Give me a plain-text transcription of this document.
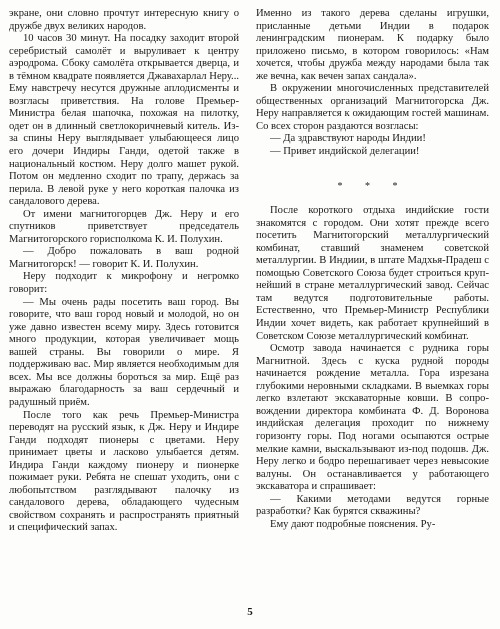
экране, они словно прочтут интересную книгу о дружбе двух великих народов.

10 часов 30 минут. На посадку заходит второй серебристый самолёт и выруливает к центру аэродрома. Сбоку самолёта открывается дверца, и в тёмном квадрате появляется Джавахарлал Неру... Ему навстречу несутся дружные аплодисменты и возгласы приветствия. На голове Премьер-Министра белая шапочка, похожая на пилотку, одет он в длинный светлокоричневый китель. Из-за спины Неру выглядывает улыбающееся лицо его дочери Индиры Ганди, одетой также в национальный костюм. Неру долго машет рукой. Потом он медленно сходит по трапу, держась за перила. В левой руке у него короткая палочка из сандалового дерева.

От имени магнитогорцев Дж. Неру и его спутников приветствует председатель Магнитогорского горисполкома К. И. Полухин.

— Добро пожаловать в ваш родной Магнитогорск! — говорит К. И. Полухин.

Неру подходит к микрофону и негромко говорит:

— Мы очень рады посетить ваш город. Вы говорите, что ваш город новый и молодой, но он уже давно известен всему миру. Здесь готовится много продукции, которая увеличивает мощь вашей страны. Вы говорили о мире. Я поддерживаю вас. Мир является необходимым для всех. Мы все должны бороться за мир. Ещё раз выражаю благодарность за ваш сердечный и радушный приём.

После того как речь Премьер-Министра переводят на русский язык, к Дж. Неру и Индире Ганди подходят пионеры с цветами. Неру принимает цветы и ласково улыбается детям. Индира Ганди каждому пионеру и пионерке пожимает руки. Ребята не спешат уходить, они с любопытством разглядывают палочку из сандалового дерева, обладающего чудесным свойством сохранять и распространять приятный и специфический запах.

Именно из такого дерева сделаны игрушки, присланные детьми Индии в подарок ленинградским пионерам. К подарку было приложено письмо, в котором говорилось: «Нам хочется, чтобы дружба между народами была так же вечна, как вечен запах сандала».

В окружении многочисленных представителей общественных организаций Магнитогорска Дж. Неру направляется к ожидающим гостей машинам. Со всех сторон раздаются возгласы:

— Да здравствуют народы Индии!

— Привет индийской делегации!

* * *

После короткого отдыха индийские гости знакомятся с городом. Они хотят прежде всего посетить Магнитогорский металлургический комбинат, ставший знаменем советской металлургии. В Индиии, в штате Мадхья-Прадеш с помощью Советского Союза будет строиться крупнейший в стране металлургический завод. Сейчас там ведутся подготовительные работы. Естественно, что Премьер-Министр Республики Индии хочет видеть, как работает крупнейший в Советском Союзе металлургический комбинат.

Осмотр завода начинается с рудника горы Магнитной. Здесь с куска рудной породы начинается рождение металла. Гора изрезана глубокими неровными складками. В выемках горы легко взлетают экскаваторные ковши. В сопровождении директора комбината Ф. Д. Воронова индийская делегация проходит по нижнему горизонту горы. Под ногами осыпаются острые мелкие камни, выскальзывают из-под подошв. Дж. Неру легко и бодро перешагивает через невысокие валуны. Он останавливается у работающего экскаватора и спрашивает:

— Какими методами ведутся горные разработки? Как бурятся скважины?

Ему дают подробные пояснения. Ру-

5
